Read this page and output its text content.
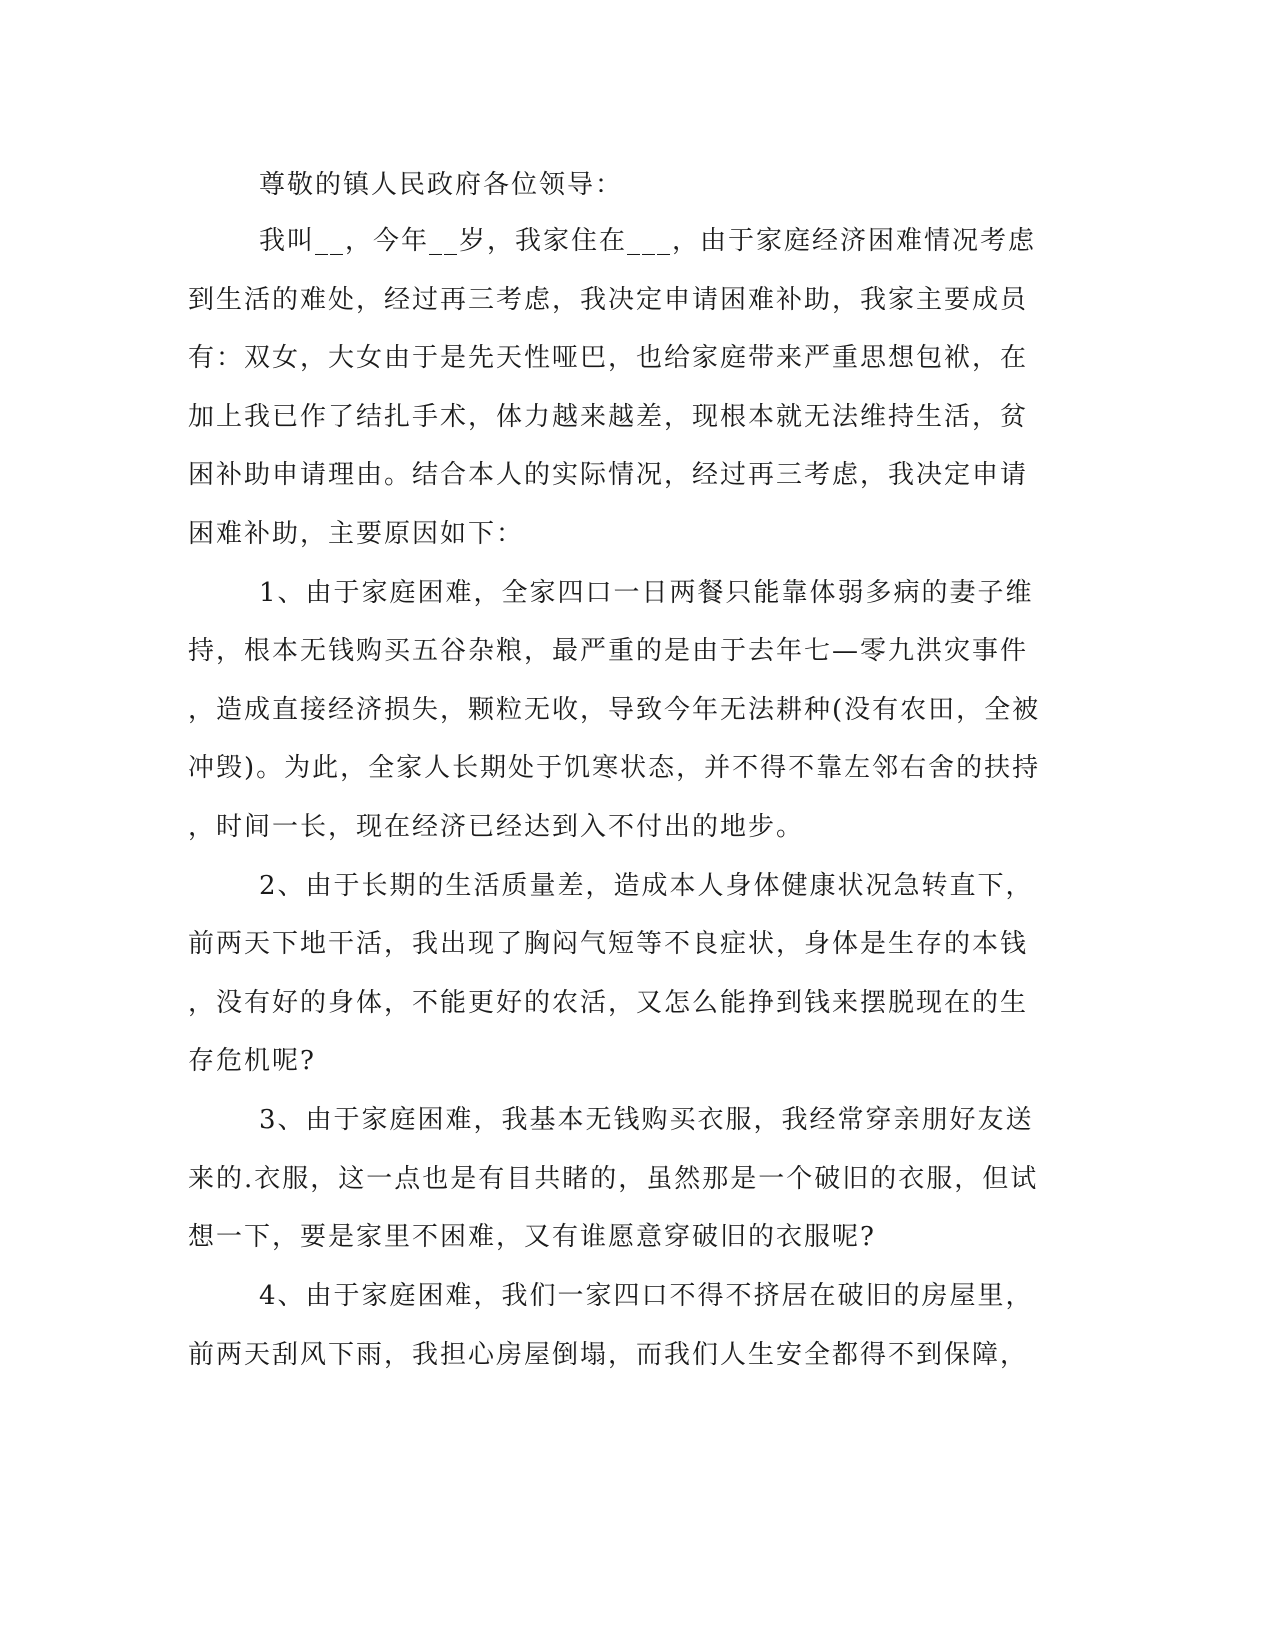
尊敬的镇人民政府各位领导：
我叫__，今年__岁，我家住在___，由于家庭经济困难情况考虑
到生活的难处，经过再三考虑，我决定申请困难补助，我家主要成员
有：双女，大女由于是先天性哑巴，也给家庭带来严重思想包袱，在
加上我已作了结扎手术，体力越来越差，现根本就无法维持生活，贫
困补助申请理由。结合本人的实际情况，经过再三考虑，我决定申请
困难补助，主要原因如下：
1、由于家庭困难，全家四口一日两餐只能靠体弱多病的妻子维
持，根本无钱购买五谷杂粮，最严重的是由于去年七—零九洪灾事件
，造成直接经济损失，颗粒无收，导致今年无法耕种(没有农田，全被
冲毁)。为此，全家人长期处于饥寒状态，并不得不靠左邻右舍的扶持
，时间一长，现在经济已经达到入不付出的地步。
2、由于长期的生活质量差，造成本人身体健康状况急转直下，
前两天下地干活，我出现了胸闷气短等不良症状，身体是生存的本钱
，没有好的身体，不能更好的农活，又怎么能挣到钱来摆脱现在的生
存危机呢?
3、由于家庭困难，我基本无钱购买衣服，我经常穿亲朋好友送
来的.衣服，这一点也是有目共睹的，虽然那是一个破旧的衣服，但试
想一下，要是家里不困难，又有谁愿意穿破旧的衣服呢?
4、由于家庭困难，我们一家四口不得不挤居在破旧的房屋里，
前两天刮风下雨，我担心房屋倒塌，而我们人生安全都得不到保障，
